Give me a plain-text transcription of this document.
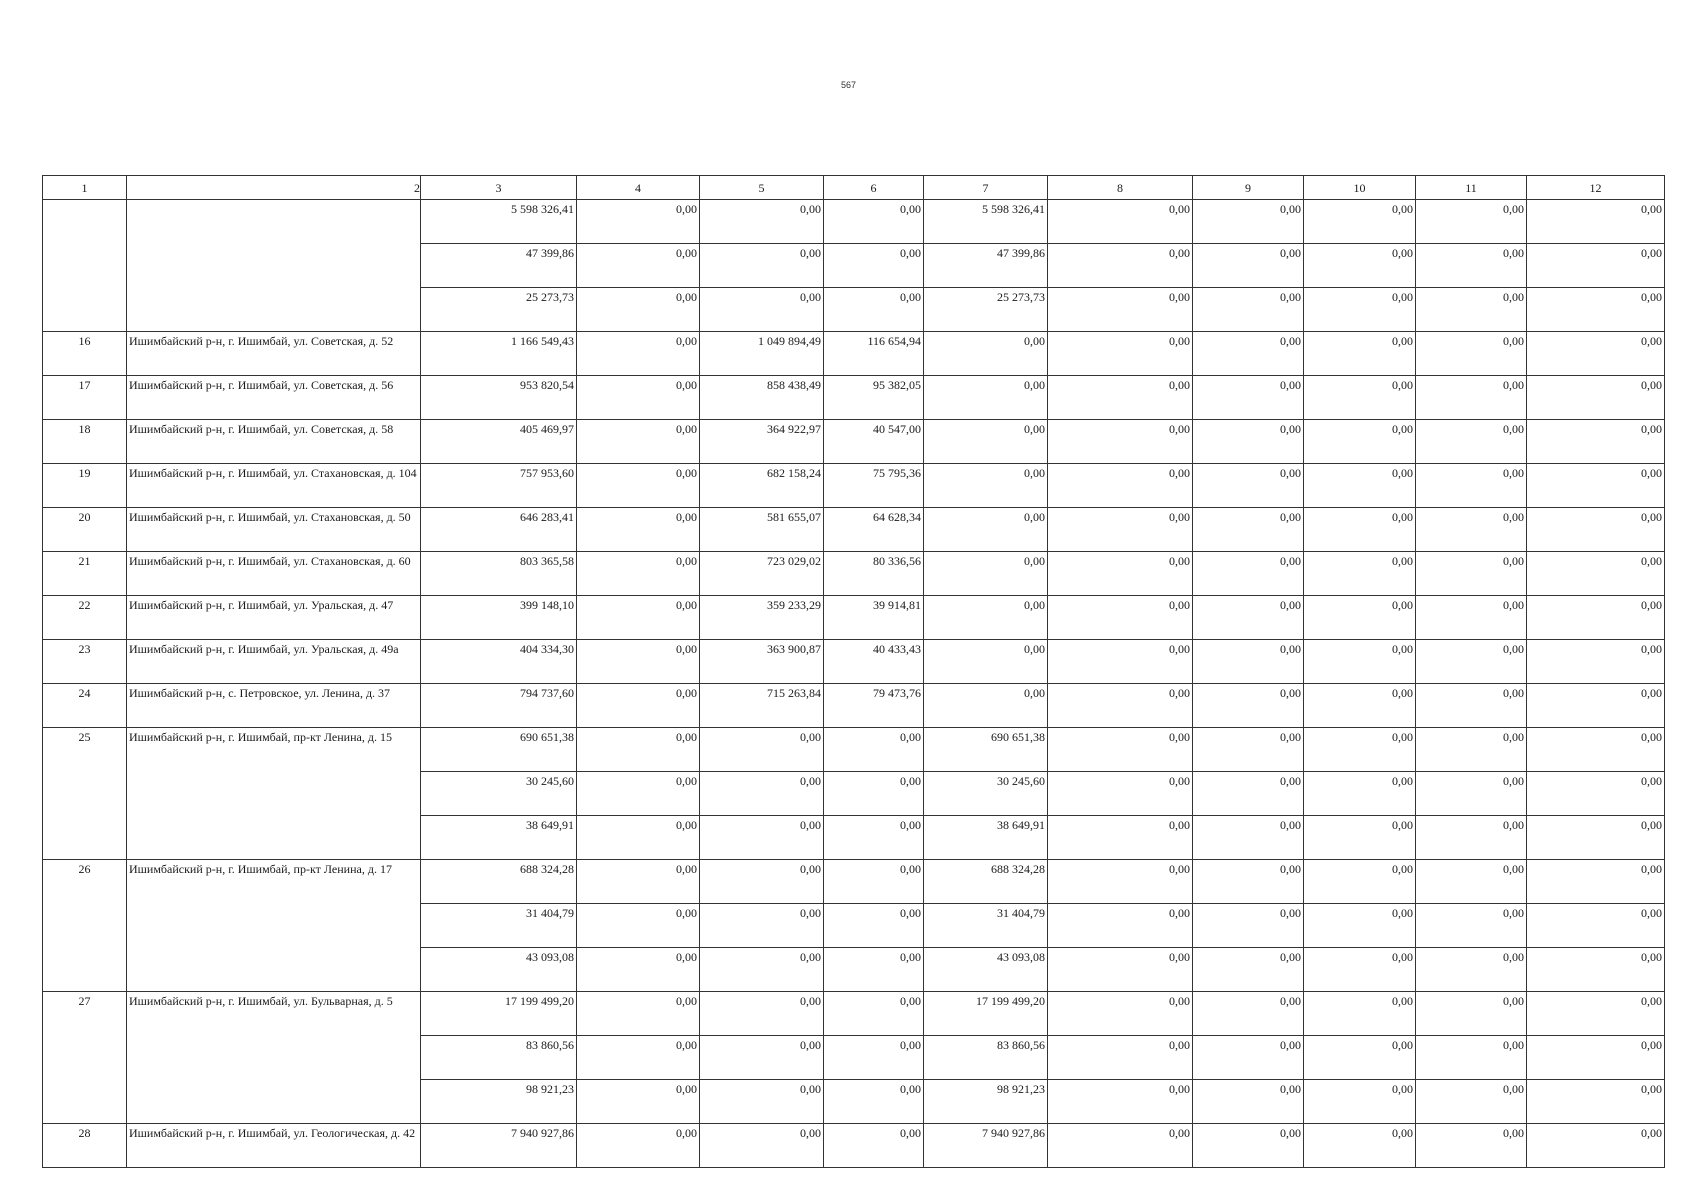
567
1	2	3	4	5	6	7	8	9	10	11	12
		5 598 326,41	0,00	0,00	0,00	5 598 326,41	0,00	0,00	0,00	0,00	0,00
		47 399,86	0,00	0,00	0,00	47 399,86	0,00	0,00	0,00	0,00	0,00
		25 273,73	0,00	0,00	0,00	25 273,73	0,00	0,00	0,00	0,00	0,00
16	Ишимбайский р-н, г. Ишимбай, ул. Советская, д. 52	1 166 549,43	0,00	1 049 894,49	116 654,94	0,00	0,00	0,00	0,00	0,00	0,00
17	Ишимбайский р-н, г. Ишимбай, ул. Советская, д. 56	953 820,54	0,00	858 438,49	95 382,05	0,00	0,00	0,00	0,00	0,00	0,00
18	Ишимбайский р-н, г. Ишимбай, ул. Советская, д. 58	405 469,97	0,00	364 922,97	40 547,00	0,00	0,00	0,00	0,00	0,00	0,00
19	Ишимбайский р-н, г. Ишимбай, ул. Стахановская, д. 104	757 953,60	0,00	682 158,24	75 795,36	0,00	0,00	0,00	0,00	0,00	0,00
20	Ишимбайский р-н, г. Ишимбай, ул. Стахановская, д. 50	646 283,41	0,00	581 655,07	64 628,34	0,00	0,00	0,00	0,00	0,00	0,00
21	Ишимбайский р-н, г. Ишимбай, ул. Стахановская, д. 60	803 365,58	0,00	723 029,02	80 336,56	0,00	0,00	0,00	0,00	0,00	0,00
22	Ишимбайский р-н, г. Ишимбай, ул. Уральская, д. 47	399 148,10	0,00	359 233,29	39 914,81	0,00	0,00	0,00	0,00	0,00	0,00
23	Ишимбайский р-н, г. Ишимбай, ул. Уральская, д. 49а	404 334,30	0,00	363 900,87	40 433,43	0,00	0,00	0,00	0,00	0,00	0,00
24	Ишимбайский р-н, с. Петровское, ул. Ленина, д. 37	794 737,60	0,00	715 263,84	79 473,76	0,00	0,00	0,00	0,00	0,00	0,00
25	Ишимбайский р-н, г. Ишимбай, пр-кт Ленина, д. 15	690 651,38	0,00	0,00	0,00	690 651,38	0,00	0,00	0,00	0,00	0,00
		30 245,60	0,00	0,00	0,00	30 245,60	0,00	0,00	0,00	0,00	0,00
		38 649,91	0,00	0,00	0,00	38 649,91	0,00	0,00	0,00	0,00	0,00
26	Ишимбайский р-н, г. Ишимбай, пр-кт Ленина, д. 17	688 324,28	0,00	0,00	0,00	688 324,28	0,00	0,00	0,00	0,00	0,00
		31 404,79	0,00	0,00	0,00	31 404,79	0,00	0,00	0,00	0,00	0,00
		43 093,08	0,00	0,00	0,00	43 093,08	0,00	0,00	0,00	0,00	0,00
27	Ишимбайский р-н, г. Ишимбай, ул. Бульварная, д. 5	17 199 499,20	0,00	0,00	0,00	17 199 499,20	0,00	0,00	0,00	0,00	0,00
		83 860,56	0,00	0,00	0,00	83 860,56	0,00	0,00	0,00	0,00	0,00
		98 921,23	0,00	0,00	0,00	98 921,23	0,00	0,00	0,00	0,00	0,00
28	Ишимбайский р-н, г. Ишимбай, ул. Геологическая, д. 42	7 940 927,86	0,00	0,00	0,00	7 940 927,86	0,00	0,00	0,00	0,00	0,00
